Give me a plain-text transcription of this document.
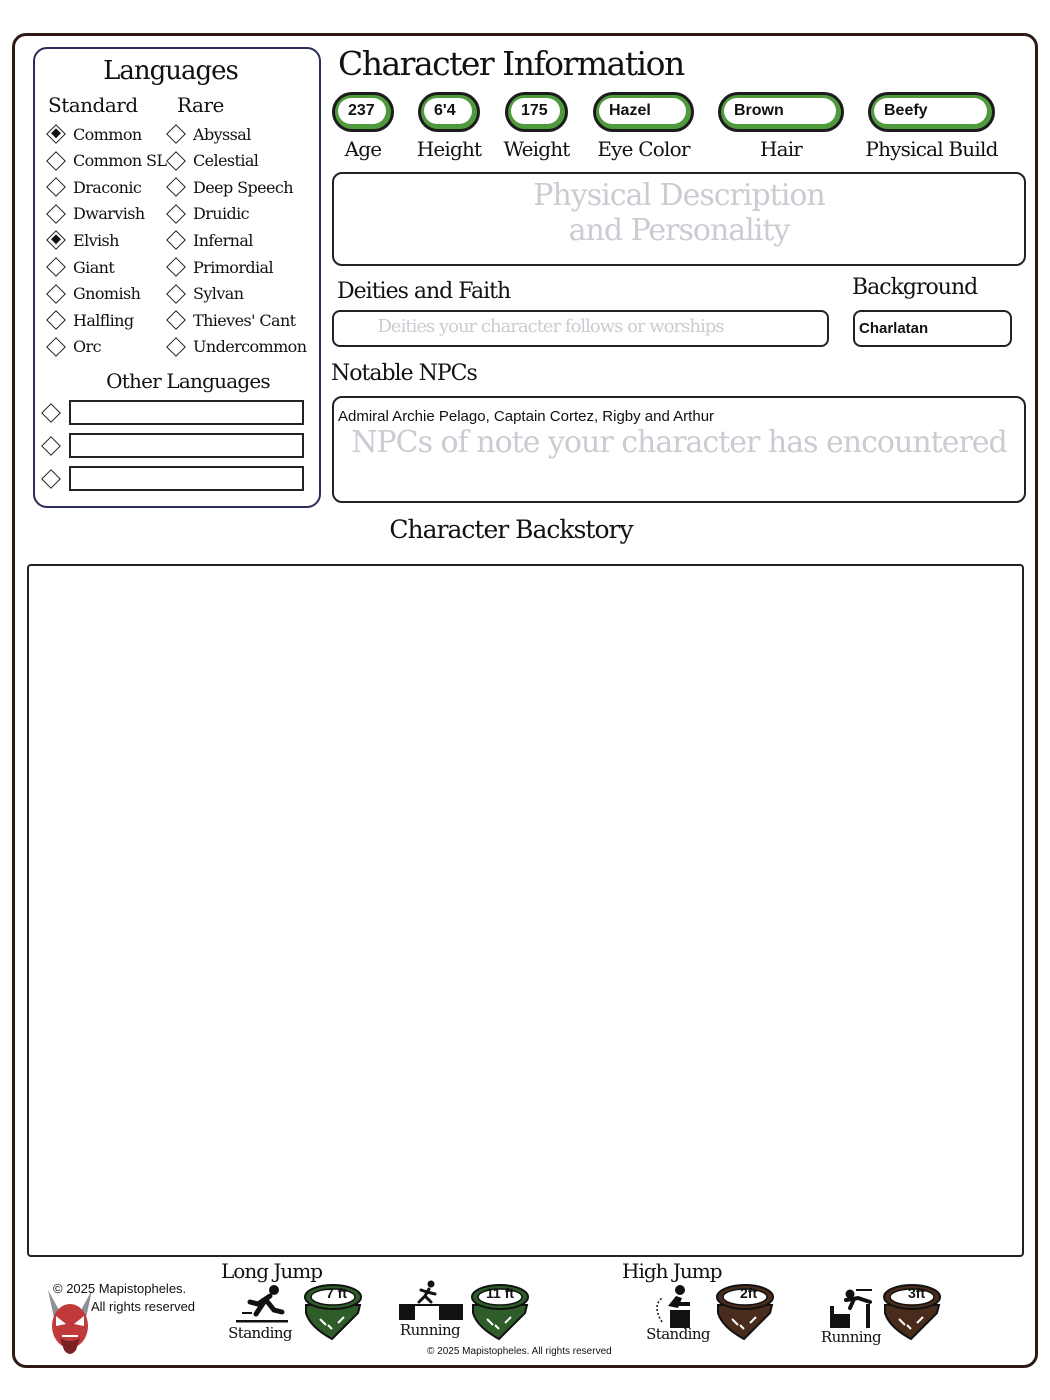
Languages
Standard Rare
Common
Common SL
Draconic
Dwarvish
Elvish
Giant
Gnomish
Halfling
Orc
Abyssal
Celestial
Deep Speech
Druidic
Infernal
Primordial
Sylvan
Thieves' Cant
Undercommon
Other Languages
Character Information
237	6'4	175	Hazel	Brown	Beefy
Age	Height Weight	Eye Color	Hair	Physical Build
Physical Description
and Personality
Deities and Faith
Deities your character follows or worships
Background
Charlatan
Notable NPCs
Admiral Archie Pelago, Captain Cortez, Rigby and Arthur
NPCs of note your character has encountered
Character Backstory
© 2025 Mapistopheles.
All rights reserved
Long Jump	High Jump
Standing
7 ft
Running
11 ft
Standing
2ft
Running
3ft
© 2025 Mapistopheles. All rights reserved
